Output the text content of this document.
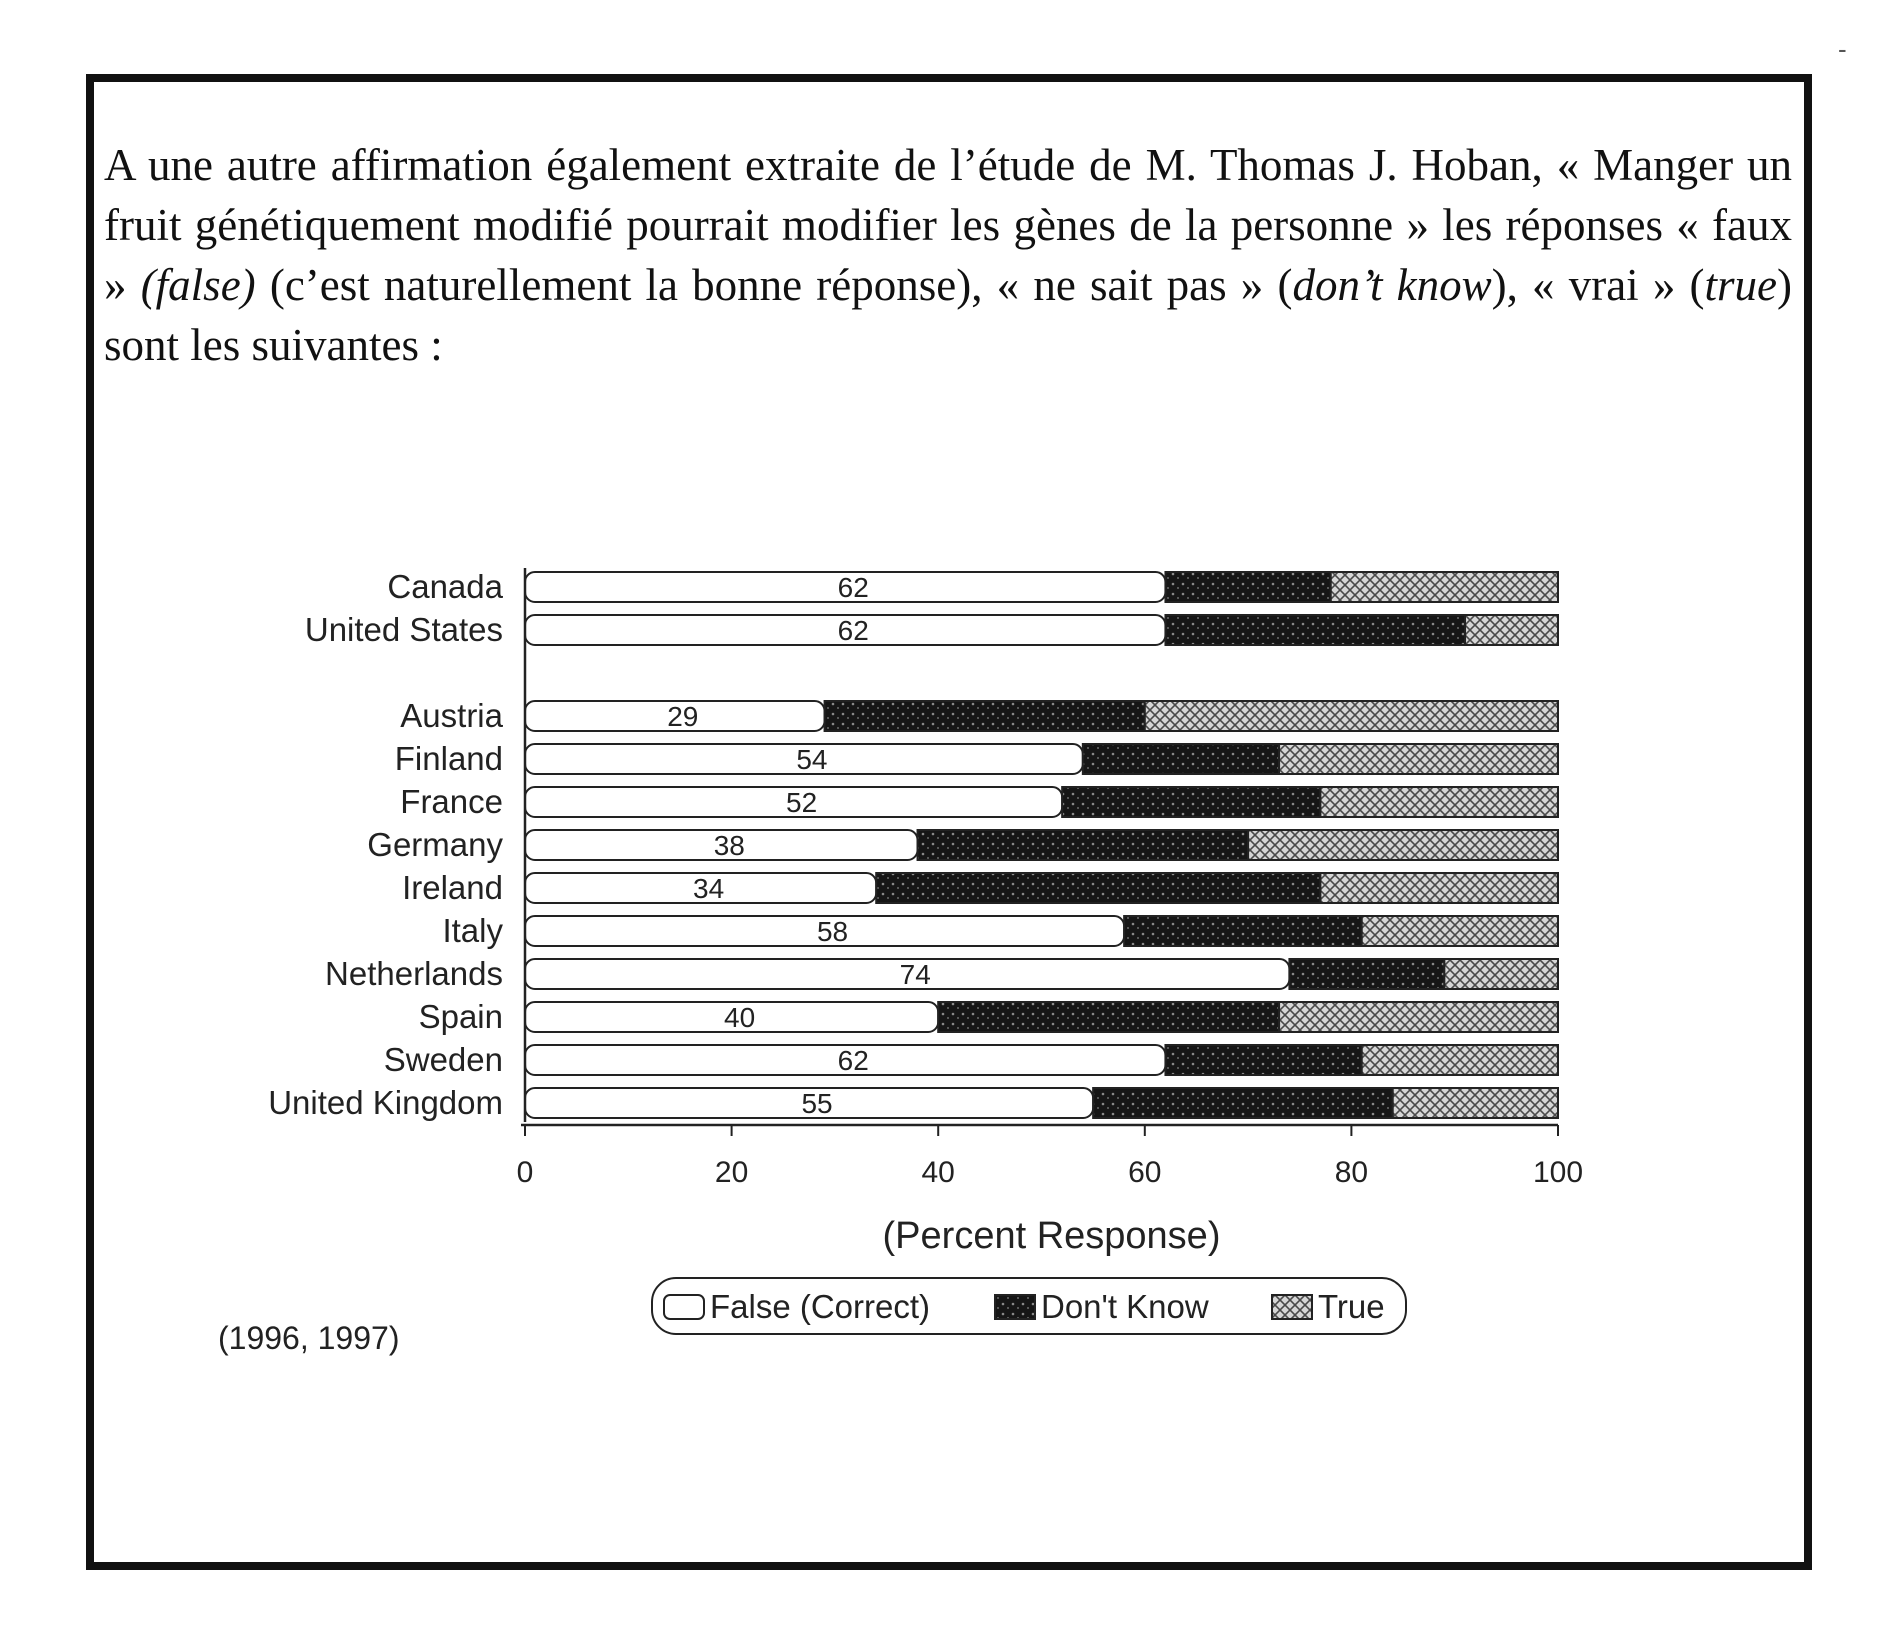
A une autre affirmation également extraite de l’étude de M. Thomas J. Hoban, « Manger un fruit génétiquement modifié pourrait modifier les gènes de la personne » les réponses « faux » (false) (c’est naturellement la bonne réponse), « ne sait pas » (don’t know), « vrai » (true) sont les suivantes :
-
62
62
29
54
52
38
34
58
74
40
62
55
Canada
United States
Austria
Finland
France
Germany
Ireland
Italy
Netherlands
Spain
Sweden
United Kingdom
0	20	40	60	80	100
(Percent Response)
False (Correct)	Don't Know	True
(1996, 1997)
